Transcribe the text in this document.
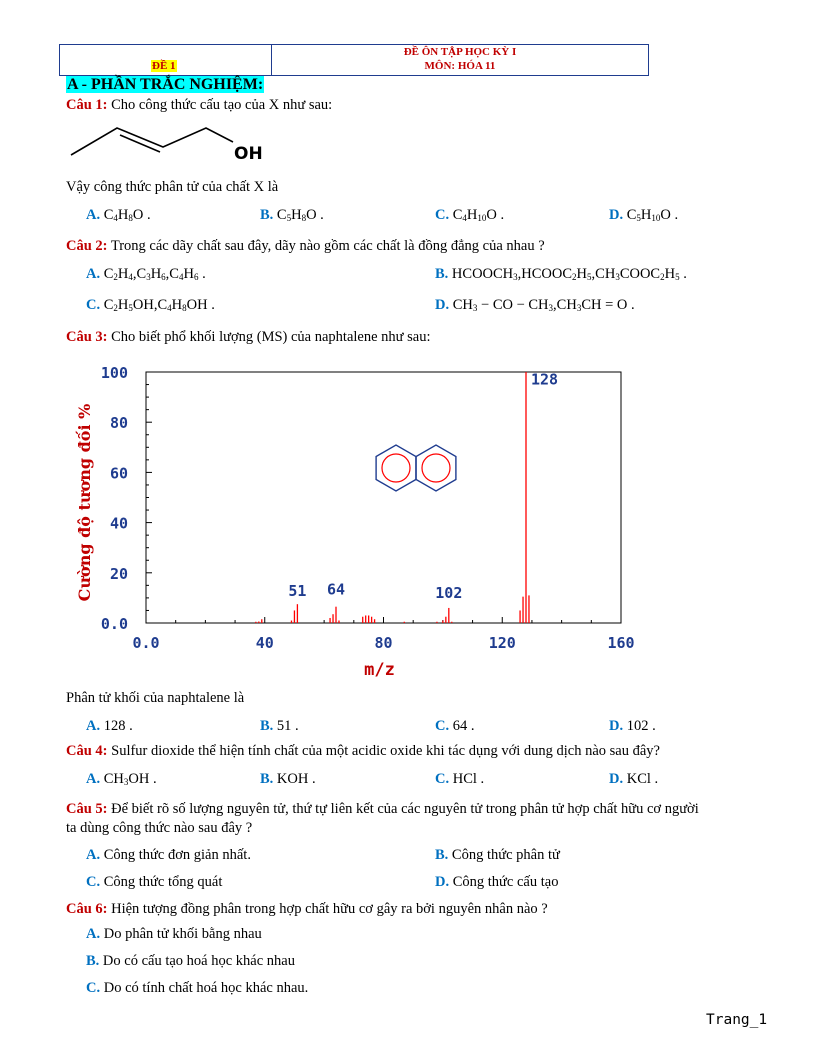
ĐỀ 1
ĐỀ ÔN TẬP HỌC KỲ I
MÔN: HÓA 11
A - PHẦN TRẮC NGHIỆM:
Câu 1: Cho công thức cấu tạo của X như sau:
OH
Vậy công thức phân tử của chất X là
A. $C_4H_8O$ .	B. $C_5H_8O$ .	C. $C_4H_{10}O$ .	D. $C_5H_{10}O$ .
Câu 2: Trong các dãy chất sau đây, dãy nào gồm các chất là đồng đẳng của nhau ?
A. $C_2H_4,C_3H_6,C_4H_6$ .	B. $HCOOCH_3,HCOOC_2H_5,CH_3COOC_2H_5$ .
C. $C_2H_5OH,C_4H_8OH$ .	D. $CH_3$ − CO − $CH_3,CH_3CH = O$ .
Câu 3: Cho biết phổ khối lượng (MS) của naphtalene như sau:
0.0
20
40
60
80
100
0.0	40	80	120	160
51 64	102
128
m/z
Cường độ tương đối %
Phân tử khối của naphtalene là
A. 128 .	B. 51 .	C. 64 .	D. 102 .
Câu 4: Sulfur dioxide thể hiện tính chất của một acidic oxide khi tác dụng với dung dịch nào sau đây?
A. $CH_3OH$ .	B. KOH .	C. HCl .	D. KCl .
Câu 5: Để biết rõ số lượng nguyên tử, thứ tự liên kết của các nguyên tử trong phân tử hợp chất hữu cơ người
ta dùng công thức nào sau đây ?
A. Công thức đơn giản nhất.	B. Công thức phân tử
C. Công thức tổng quát	D. Công thức cấu tạo
Câu 6: Hiện tượng đồng phân trong hợp chất hữu cơ gây ra bởi nguyên nhân nào ?
A. Do phân tử khối bằng nhau
B. Do có cấu tạo hoá học khác nhau
C. Do có tính chất hoá học khác nhau.
Trang_1
